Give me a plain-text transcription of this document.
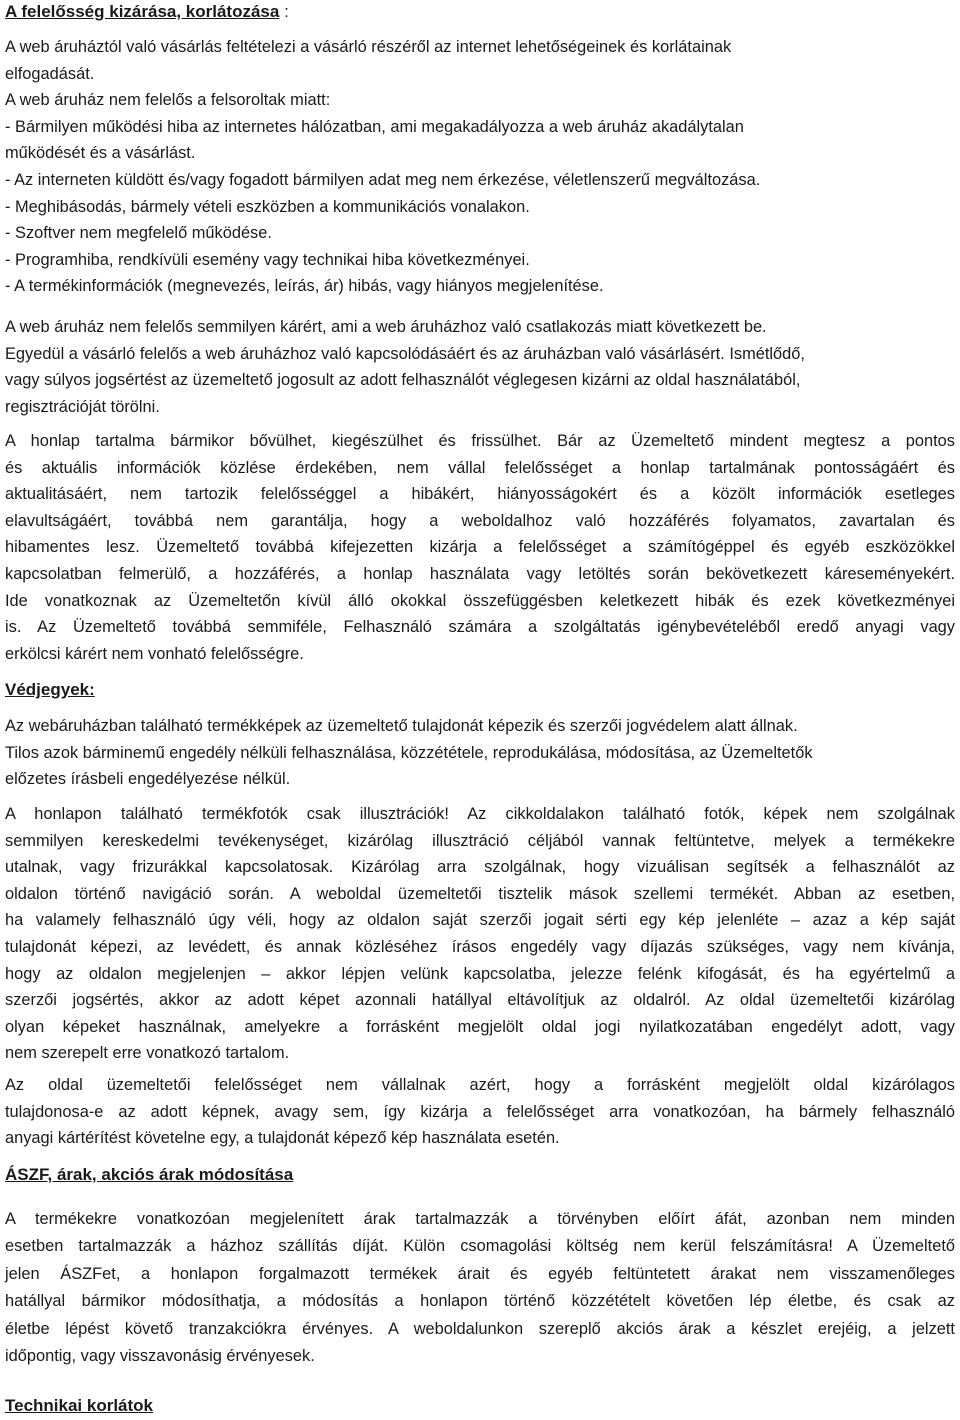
A felelősség kizárása, korlátozása :
A web áruháztól való vásárlás feltételezi a vásárló részéről az internet lehetőségeinek és korlátainak
elfogadását.
A web áruház nem felelős a felsoroltak miatt:
- Bármilyen működési hiba az internetes hálózatban, ami megakadályozza a web áruház akadálytalan
működését és a vásárlást.
- Az interneten küldött és/vagy fogadott bármilyen adat meg nem érkezése, véletlenszerű megváltozása.
- Meghibásodás, bármely vételi eszközben a kommunikációs vonalakon.
- Szoftver nem megfelelő működése.
- Programhiba, rendkívüli esemény vagy technikai hiba következményei.
- A termékinformációk (megnevezés, leírás, ár) hibás, vagy hiányos megjelenítése.
A web áruház nem felelős semmilyen kárért, ami a web áruházhoz való csatlakozás miatt következett be.
Egyedül a vásárló felelős a web áruházhoz való kapcsolódásáért és az áruházban való vásárlásért. Ismétlődő,
vagy súlyos jogsértést az üzemeltető jogosult az adott felhasználót véglegesen kizárni az oldal használatából,
regisztrációját törölni.
A honlap tartalma bármikor bővülhet, kiegészülhet és frissülhet. Bár az Üzemeltető mindent megtesz a pontos
és aktuális információk közlése érdekében, nem vállal felelősséget a honlap tartalmának pontosságáért és
aktualitásáért, nem tartozik felelősséggel a hibákért, hiányosságokért és a közölt információk esetleges
elavultságáért, továbbá nem garantálja, hogy a weboldalhoz való hozzáférés folyamatos, zavartalan és
hibamentes lesz. Üzemeltető továbbá kifejezetten kizárja a felelősséget a számítógéppel és egyéb eszközökkel
kapcsolatban felmerülő, a hozzáférés, a honlap használata vagy letöltés során bekövetkezett káreseményekért.
Ide vonatkoznak az Üzemeltetőn kívül álló okokkal összefüggésben keletkezett hibák és ezek következményei
is. Az Üzemeltető továbbá semmiféle, Felhasználó számára a szolgáltatás igénybevételéből eredő anyagi vagy
erkölcsi kárért nem vonható felelősségre.
Védjegyek:
Az webáruházban található termékképek az üzemeltető tulajdonát képezik és szerzői jogvédelem alatt állnak.
Tilos azok bárminemű engedély nélküli felhasználása, közzététele, reprodukálása, módosítása, az Üzemeltetők
előzetes írásbeli engedélyezése nélkül.
A honlapon található termékfotók csak illusztrációk! Az cikkoldalakon található fotók, képek nem szolgálnak
semmilyen kereskedelmi tevékenységet, kizárólag illusztráció céljából vannak feltüntetve, melyek a termékekre
utalnak, vagy frizurákkal kapcsolatosak. Kizárólag arra szolgálnak, hogy vizuálisan segítsék a felhasználót az
oldalon történő navigáció során. A weboldal üzemeltetői tisztelik mások szellemi termékét. Abban az esetben,
ha valamely felhasználó úgy véli, hogy az oldalon saját szerzői jogait sérti egy kép jelenléte – azaz a kép saját
tulajdonát képezi, az levédett, és annak közléséhez írásos engedély vagy díjazás szükséges, vagy nem kívánja,
hogy az oldalon megjelenjen – akkor lépjen velünk kapcsolatba, jelezze felénk kifogását, és ha egyértelmű a
szerzői jogsértés, akkor az adott képet azonnali hatállyal eltávolítjuk az oldalról. Az oldal üzemeltetői kizárólag
olyan képeket használnak, amelyekre a forrásként megjelölt oldal jogi nyilatkozatában engedélyt adott, vagy
nem szerepelt erre vonatkozó tartalom.
Az oldal üzemeltetői felelősséget nem vállalnak azért, hogy a forrásként megjelölt oldal kizárólagos
tulajdonosa-e az adott képnek, avagy sem, így kizárja a felelősséget arra vonatkozóan, ha bármely felhasználó
anyagi kártérítést követelne egy, a tulajdonát képező kép használata esetén.
ÁSZF, árak, akciós árak módosítása
A termékekre vonatkozóan megjelenített árak tartalmazzák a törvényben előírt áfát, azonban nem minden
esetben tartalmazzák a házhoz szállítás díját. Külön csomagolási költség nem kerül felszámításra! A Üzemeltető
jelen ÁSZFet, a honlapon forgalmazott termékek árait és egyéb feltüntetett árakat nem visszamenőleges
hatállyal bármikor módosíthatja, a módosítás a honlapon történő közzétételt követően lép életbe, és csak az
életbe lépést követő tranzakciókra érvényes. A weboldalunkon szereplő akciós árak a készlet erejéig, a jelzett
időpontig, vagy visszavonásig érvényesek.
Technikai korlátok
